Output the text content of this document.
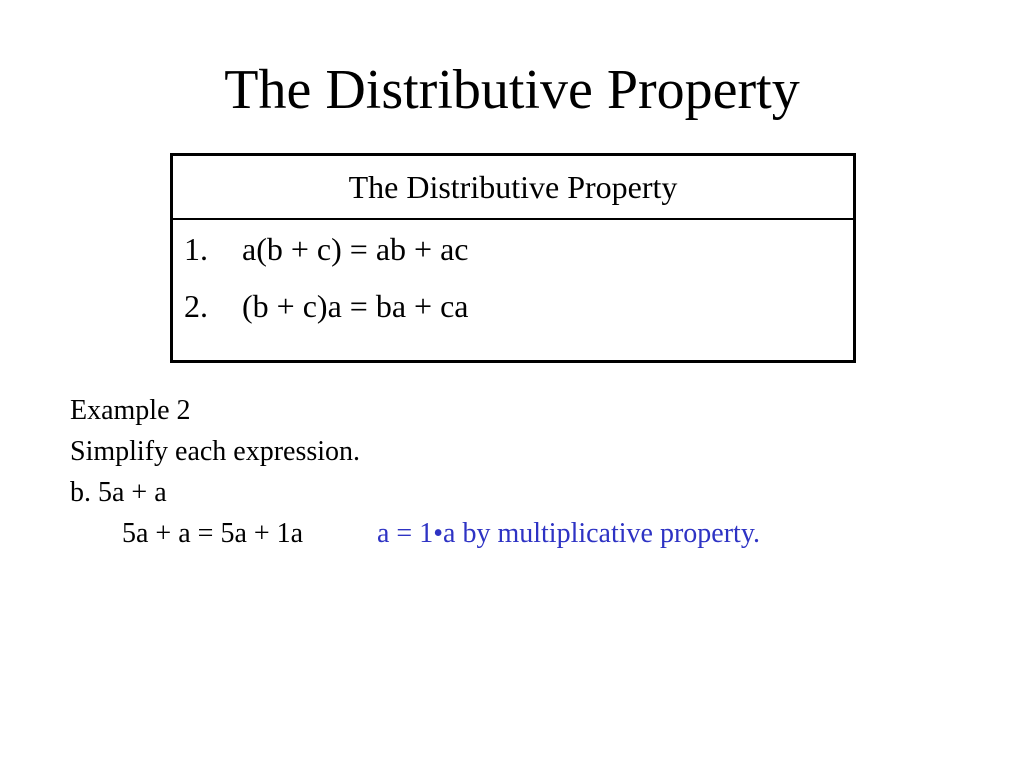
The Distributive Property
The Distributive Property
1.	a(b + c) = ab + ac
2.	(b + c)a = ba + ca
Example 2
Simplify each expression.
b. 5a + a
5a + a = 5a + 1a	a = 1•a by multiplicative property.
